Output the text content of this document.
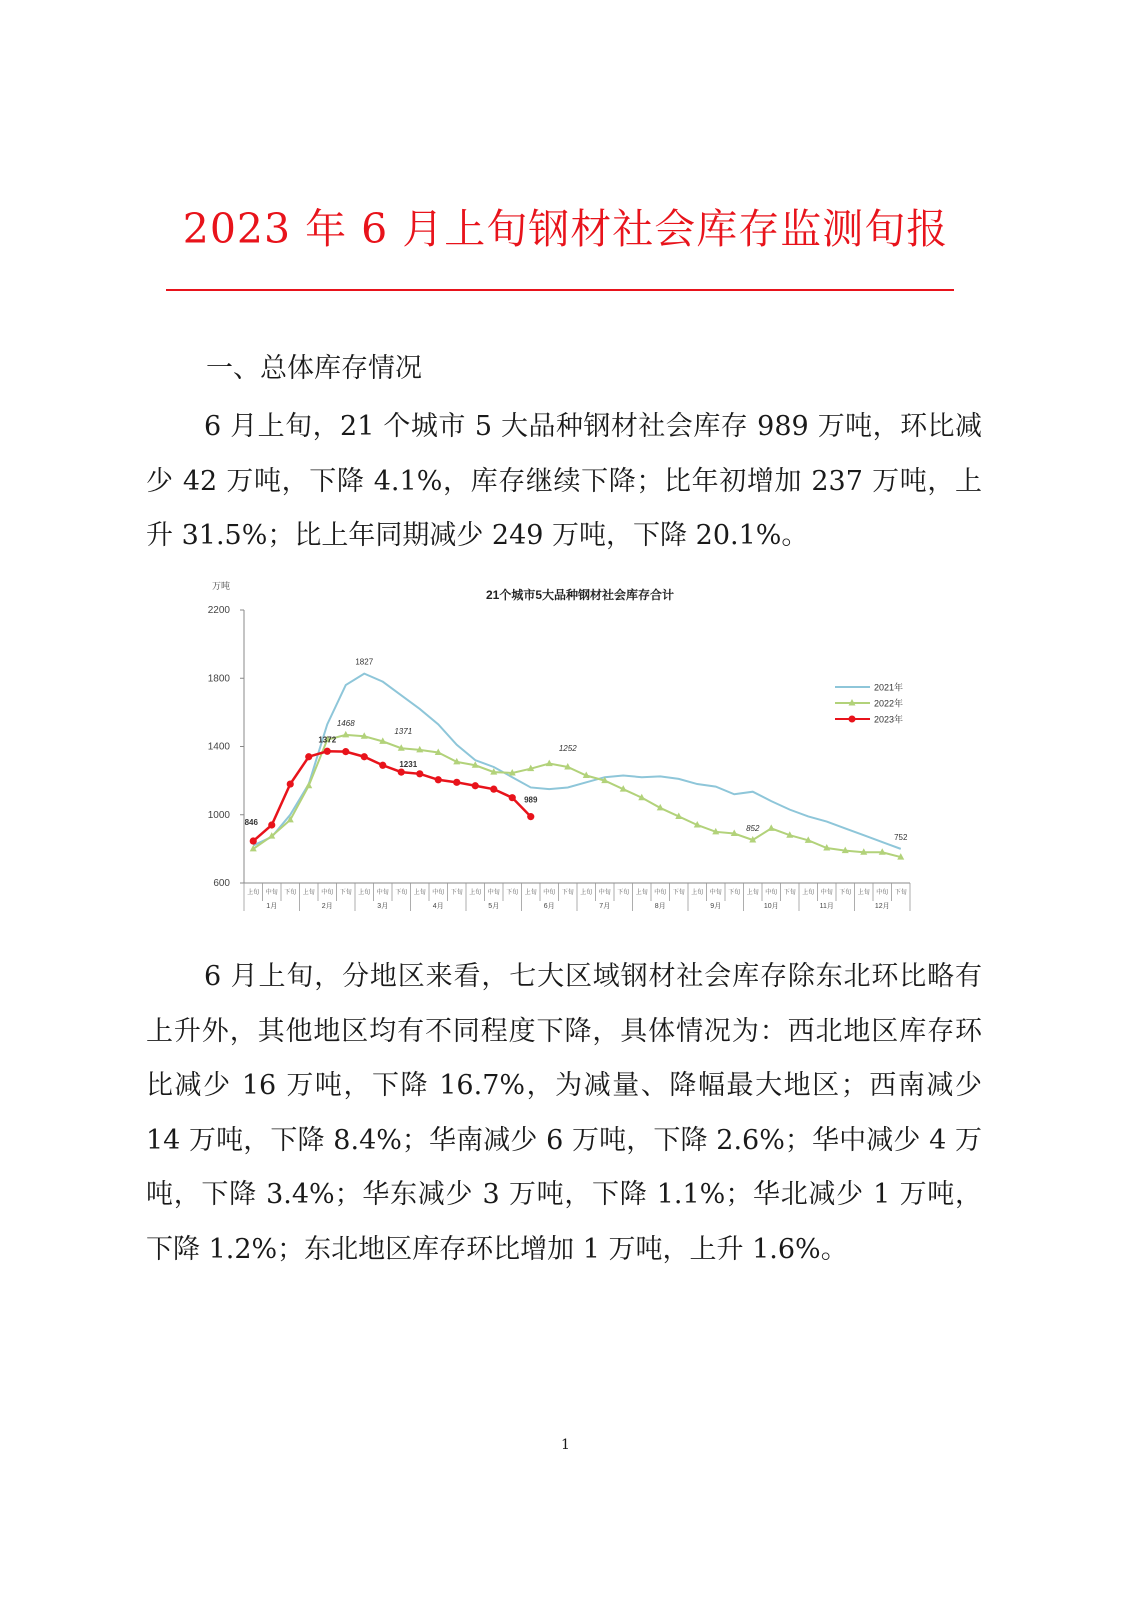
2023 年 6 月上旬钢材社会库存监测旬报
一、总体库存情况

6 月上旬，21 个城市 5 大品种钢材社会库存 989 万吨，环比减少 42 万吨，下降 4.1%，库存继续下降；比年初增加 237 万吨，上升 31.5%；比上年同期减少 249 万吨，下降 20.1%。

21个城市5大品种钢材社会库存合计
万吨
600
1000
1400
1800
2200
上旬 中旬 下旬 上旬 中旬 下旬 上旬 中旬 下旬 上旬 中旬 下旬 上旬 中旬 下旬 上旬 中旬 下旬 上旬 中旬 下旬 上旬 中旬 下旬 上旬 中旬 下旬 上旬 中旬 下旬 上旬 中旬 下旬 上旬 中旬 下旬
1月	2月	3月	4月	5月	6月	7月	8月	9月	10月	11月	12月
1827
752
1468
1371
1252
852
846
1372
1231
989
2021年
2022年
2023年

6 月上旬，分地区来看，七大区域钢材社会库存除东北环比略有上升外，其他地区均有不同程度下降，具体情况为：西北地区库存环比减少 16 万吨，下降 16.7%，为减量、降幅最大地区；西南减少 14 万吨，下降 8.4%；华南减少 6 万吨，下降 2.6%；华中减少 4 万吨，下降 3.4%；华东减少 3 万吨，下降 1.1%；华北减少 1 万吨，下降 1.2%；东北地区库存环比增加 1 万吨，上升 1.6%。

1
